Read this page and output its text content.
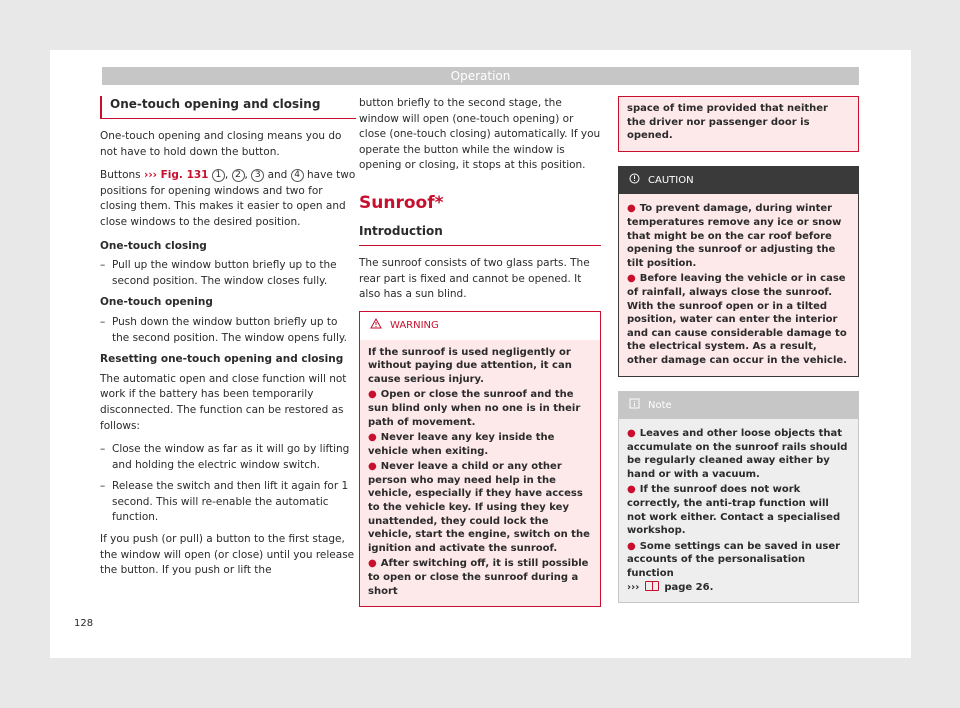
Operation
One-touch opening and closing

One-touch opening and closing means you do not have to hold down the button.

Buttons ››› Fig. 131 1 , 2 , 3 and 4 have two positions for opening windows and two for closing them. This makes it easier to open and close windows to the desired position.

One-touch closing
– Pull up the window button briefly up to the second position. The window closes fully.
One-touch opening
– Push down the window button briefly up to the second position. The window opens fully.
Resetting one-touch opening and closing

The automatic open and close function will not work if the battery has been temporarily disconnected. The function can be restored as follows:

– Close the window as far as it will go by lifting and holding the electric window switch.
– Release the switch and then lift it again for 1 second. This will re-enable the automatic function.

If you push (or pull) a button to the first stage, the window will open (or close) until you release the button. If you push or lift the

button briefly to the second stage, the window will open (one-touch opening) or close (one-touch closing) automatically. If you operate the button while the window is opening or closing, it stops at this position.

Sunroof*
Introduction

The sunroof consists of two glass parts. The rear part is fixed and cannot be opened. It also has a sun blind.

WARNING
If the sunroof is used negligently or without paying due attention, it can cause serious injury.
● Open or close the sunroof and the sun blind only when no one is in their path of movement.
● Never leave any key inside the vehicle when exiting.
● Never leave a child or any other person who may need help in the vehicle, especially if they have access to the vehicle key. If using they key unattended, they could lock the vehicle, start the engine, switch on the ignition and activate the sunroof.
● After switching off, it is still possible to open or close the sunroof during a short
space of time provided that neither the driver nor passenger door is opened.
CAUTION
● To prevent damage, during winter temperatures remove any ice or snow that might be on the car roof before opening the sunroof or adjusting the tilt position.
● Before leaving the vehicle or in case of rainfall, always close the sunroof. With the sunroof open or in a tilted position, water can enter the interior and can cause considerable damage to the electrical system. As a result, other damage can occur in the vehicle.
Note
● Leaves and other loose objects that accumulate on the sunroof rails should be regularly cleaned away either by hand or with a vacuum.
● If the sunroof does not work correctly, the anti-trap function will not work either. Contact a specialised workshop.
● Some settings can be saved in user accounts of the personalisation function
››› page 26.
128
